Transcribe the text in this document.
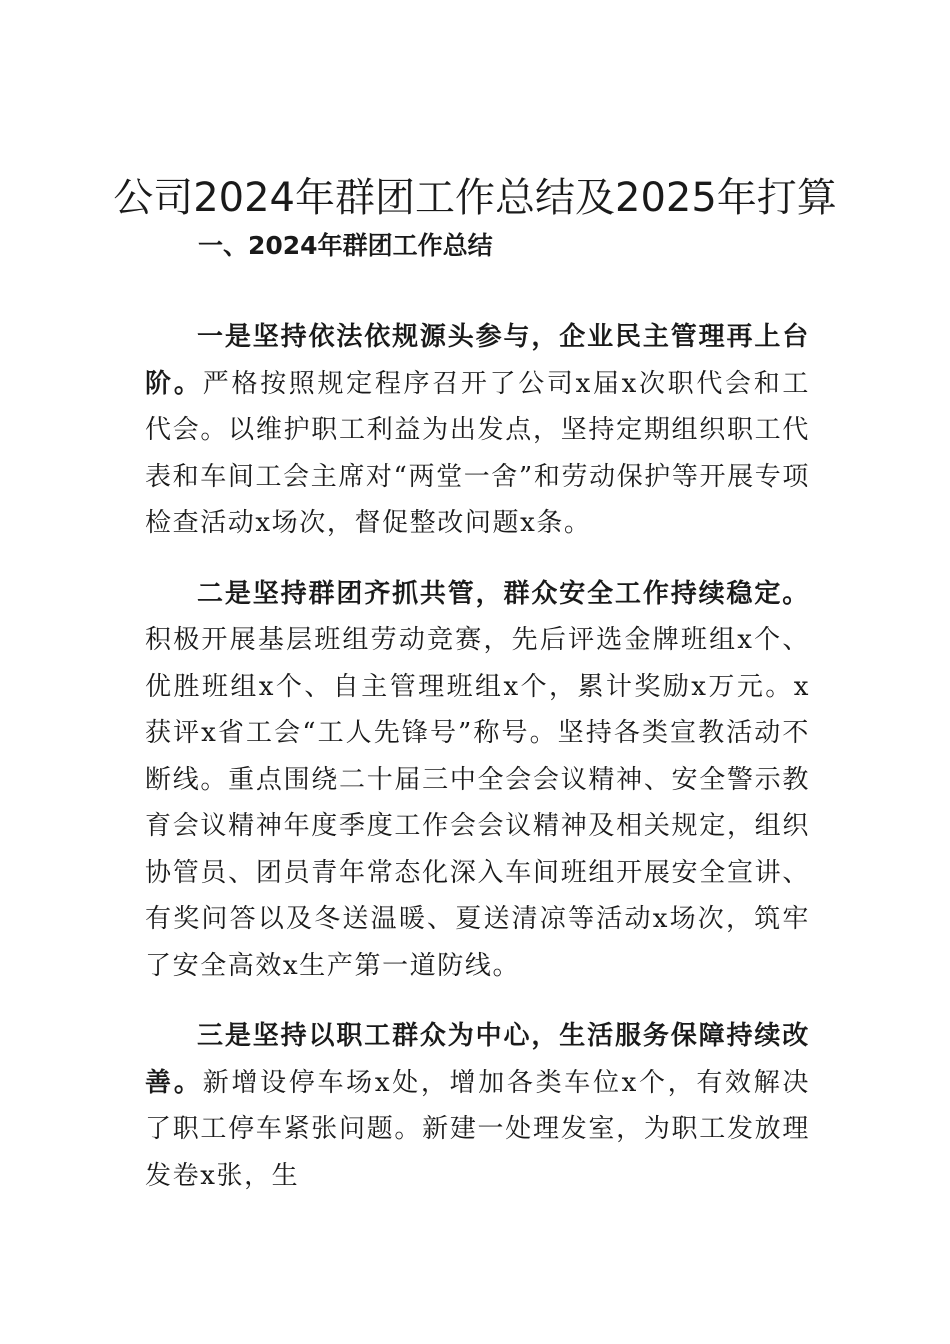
公司2024年群团工作总结及2025年打算
一、2024年群团工作总结

一是坚持依法依规源头参与，企业民主管理再上台阶。严格按照规定程序召开了公司x届x次职代会和工代会。以维护职工利益为出发点，坚持定期组织职工代表和车间工会主席对“两堂一舍”和劳动保护等开展专项检查活动x场次，督促整改问题x条。

二是坚持群团齐抓共管，群众安全工作持续稳定。积极开展基层班组劳动竞赛，先后评选金牌班组x个、优胜班组x个、自主管理班组x个，累计奖励x万元。x获评x省工会“工人先锋号”称号。坚持各类宣教活动不断线。重点围绕二十届三中全会会议精神、安全警示教育会议精神年度季度工作会会议精神及相关规定，组织协管员、团员青年常态化深入车间班组开展安全宣讲、有奖问答以及冬送温暖、夏送清凉等活动x场次，筑牢了安全高效x生产第一道防线。

三是坚持以职工群众为中心，生活服务保障持续改善。新增设停车场x处，增加各类车位x个，有效解决了职工停车紧张问题。新建一处理发室，为职工发放理发卷x张，生
